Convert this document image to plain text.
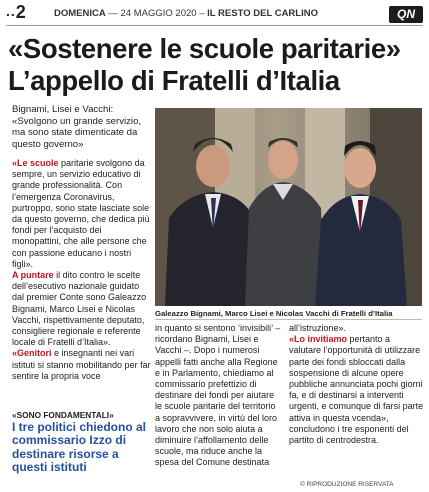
..2	DOMENICA — 24 MAGGIO 2020 – IL RESTO DEL CARLINO	QN
«Sostenere le scuole paritarie»
L’appello di Fratelli d’Italia
Bignami, Lisei e Vacchi: «Svolgono un grande servizio, ma sono state dimenticate da questo governo»

«Le scuole paritarie svolgono da sempre, un servizio educativo di grande professionalità. Con l’emergenza Coronavirus, purtroppo, sono state lasciate sole da questo governo, che dedica più fondi per l’acquisto dei monopattini, che alle persone che con passione educano i nostri figli».

A puntare il dito contro le scelte dell’esecutivo nazionale guidato dal premier Conte sono Galeazzo Bignami, Marco Lisei e Nicolas Vacchi, rispettivamente deputato, consigliere regionale e referente locale di Fratelli d’Italia».

«Genitori e insegnanti nei vari istituti si stanno mobilitando per far sentire la propria voce

Galeazzo Bignami, Marco Lisei e Nicolas Vacchi di Fratelli d’Italia
in quanto si sentono ‘invisibili’ – ricordano Bignami, Lisei e Vacchi –. Dopo i numerosi appelli fatti anche alla Regione e in Parlamento, chiediamo al commissario prefettizio di destinare dei fondi per aiutare le scuole paritarie del territorio a sopravvivere, in virtù del loro lavoro che non solo aiuta a diminuire l’affollamento delle scuole, ma riduce anche la spesa del Comune destinata

all’istruzione».

«Lo invitiamo pertanto a valutare l’opportunità di utilizzare parte dei fondi sbloccati dalla sospensione di alcune opere pubbliche annunciata pochi giorni fa, e di destinarsi a interventi urgenti, e comunque di farsi parte attiva in questa vcenda», concludono i tre esponenti del partito di centrodestra.

«SONO FONDAMENTALI»
I tre politici chiedono al commissario Izzo di destinare risorse a questi istituti
© RIPRODUZIONE RISERVATA
